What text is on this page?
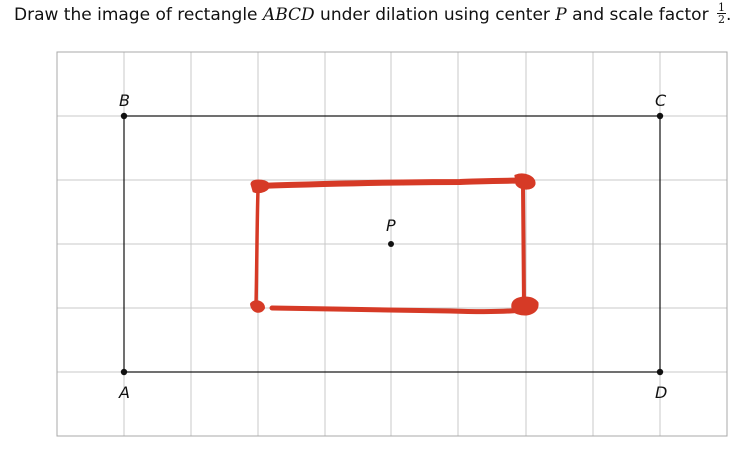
Draw the image of rectangle ABCD under dilation using center P and scale factor $\frac{1}{2}$ .
B	C
A	D
P
